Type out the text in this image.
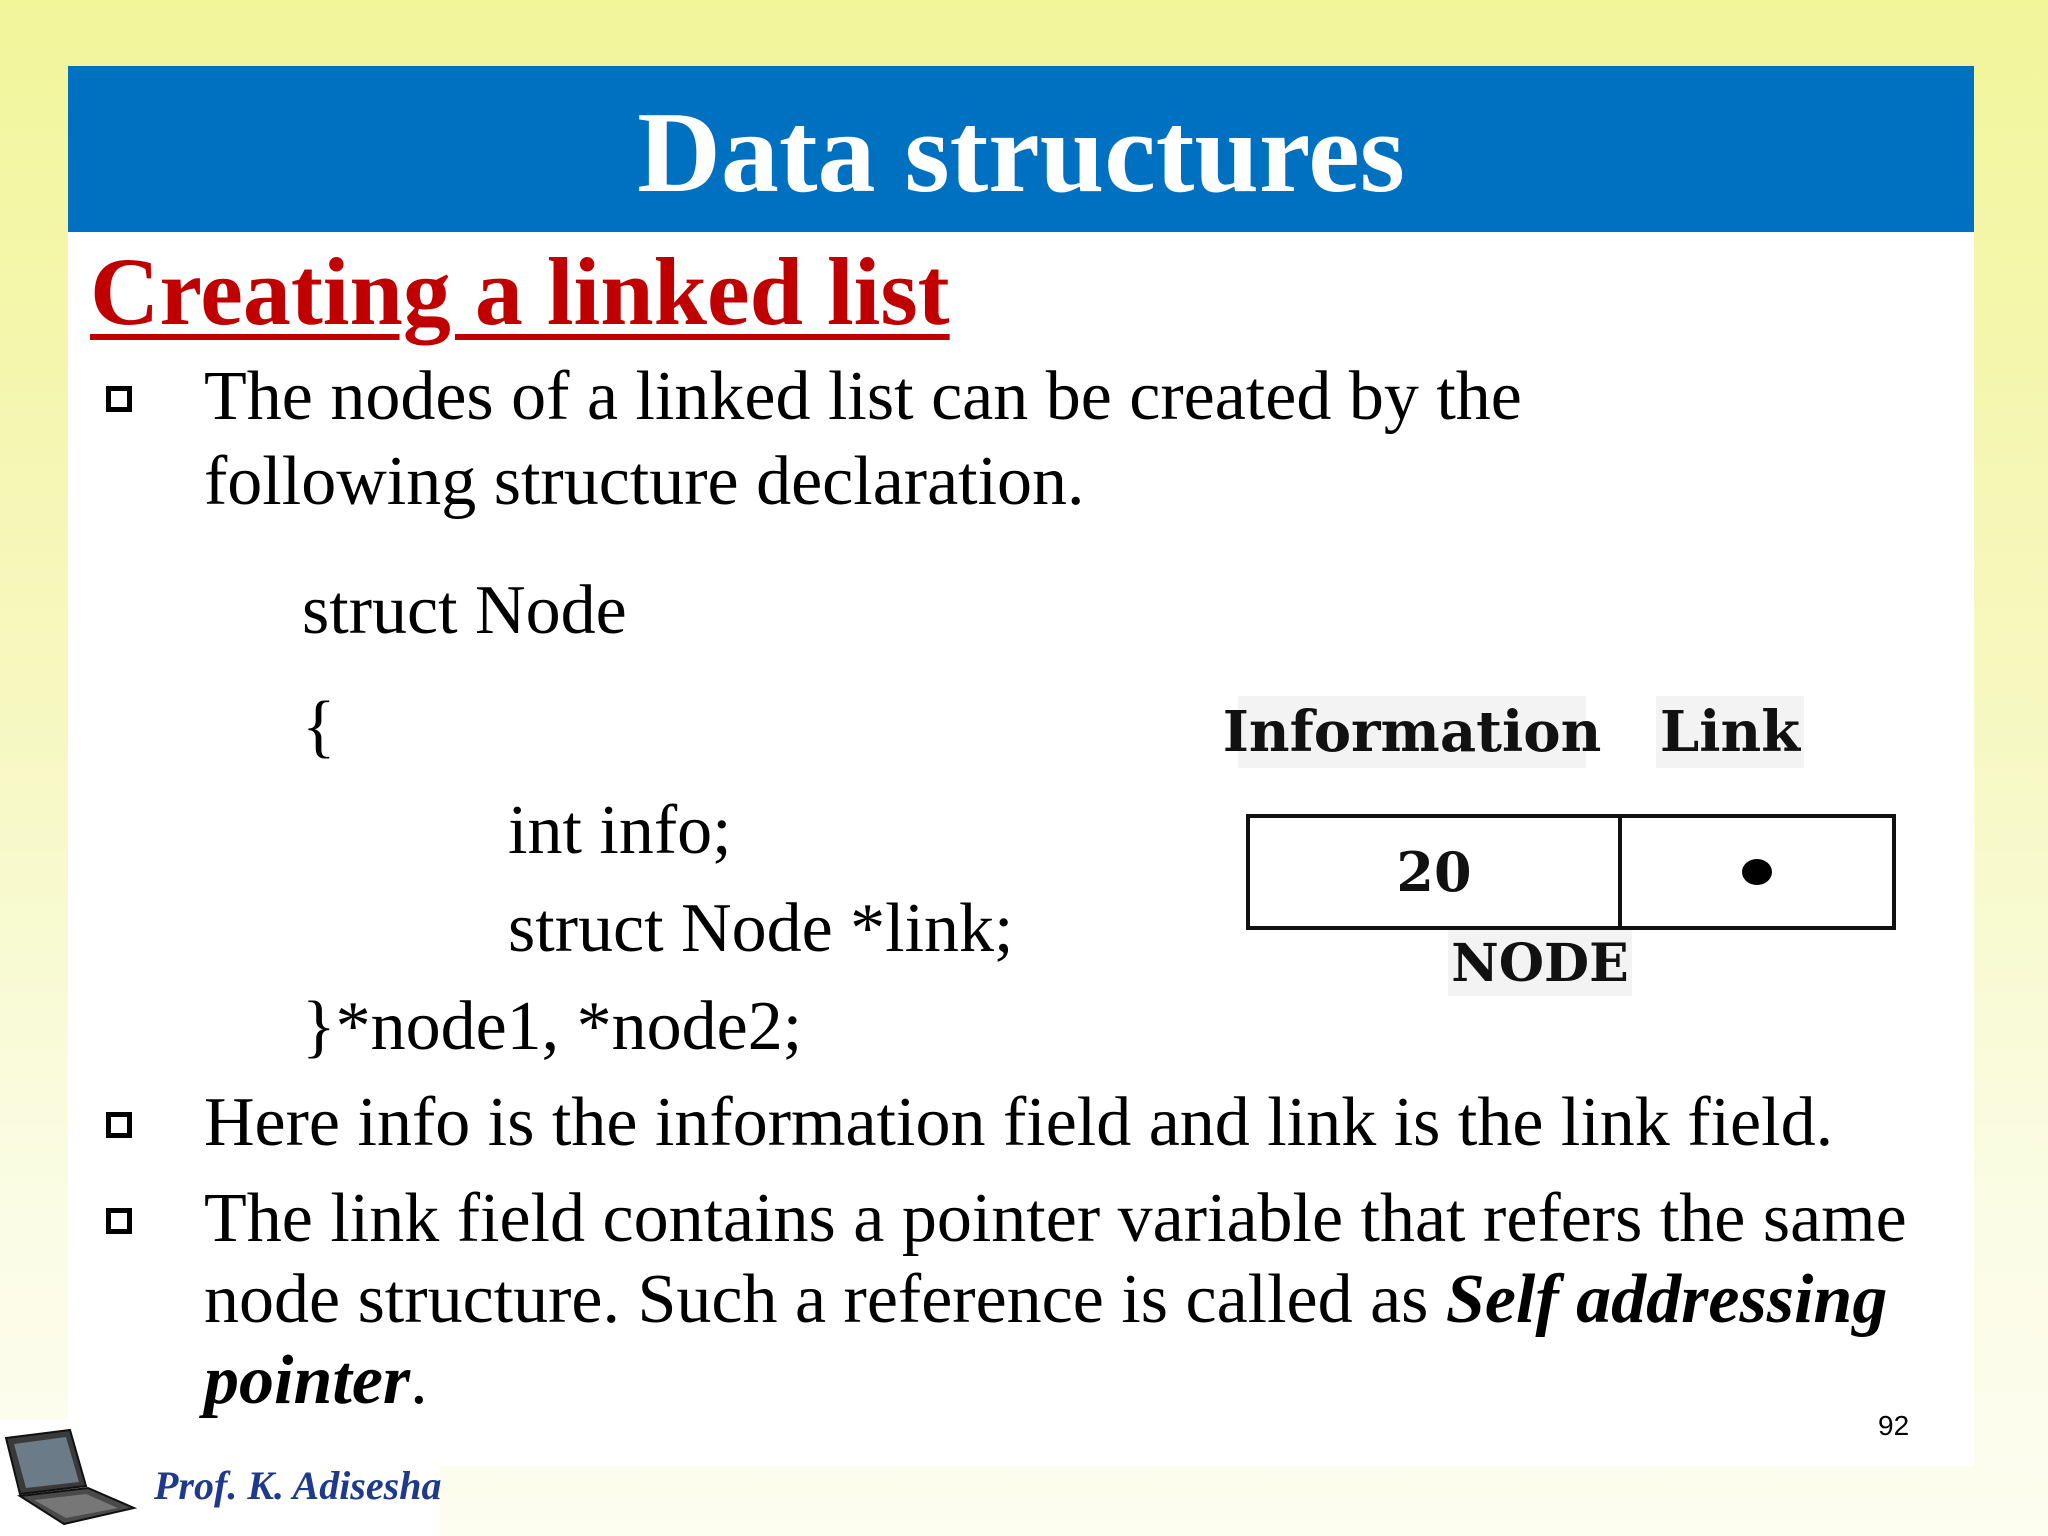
Data structures
Creating a linked list
The nodes of a linked list can be created by the
following structure declaration.
struct Node
{
int info;
struct Node *link;
}*node1, *node2;
Information Link
20
NODE
Here info is the information field and link is the link field.
The link field contains a pointer variable that refers the same
node structure. Such a reference is called as Self addressing
pointer.
92
Prof. K. Adisesha
